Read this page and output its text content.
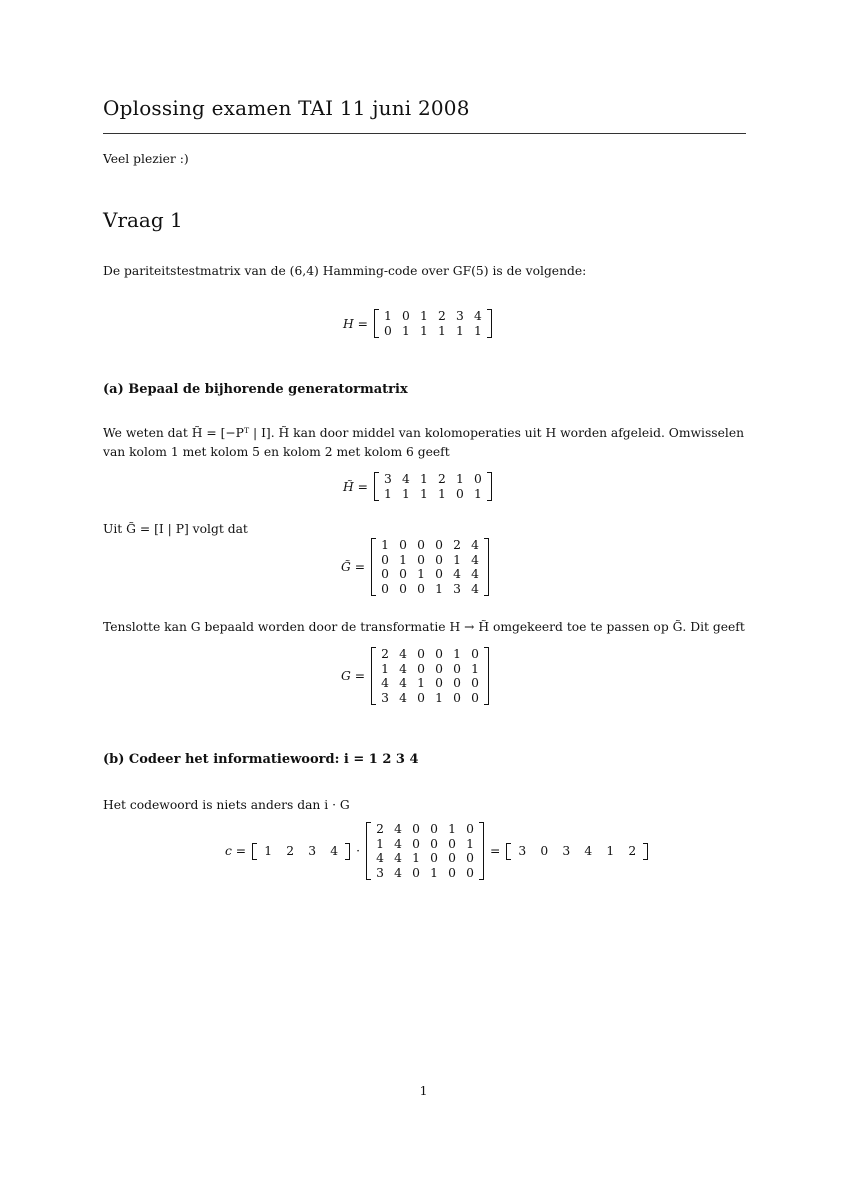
Oplossing examen TAI 11 juni 2008
Veel plezier :)
Vraag 1
De pariteitstestmatrix van de (6,4) Hamming-code over GF(5) is de volgende:
H =
1 0 1 2 3 4
0 1 1 1 1 1
(a) Bepaal de bijhorende generatormatrix
We weten dat H̃ = [−Pᵀ | I]. H̃ kan door middel van kolomoperaties uit H worden afgeleid. Omwisselen van kolom 1 met kolom 5 en kolom 2 met kolom 6 geeft
H̃ =
3 4 1 2 1 0
1 1 1 1 0 1
Uit G̃ = [I | P] volgt dat
G̃ =
1 0 0 0 2 4
0 1 0 0 1 4
0 0 1 0 4 4
0 0 0 1 3 4
Tenslotte kan G bepaald worden door de transformatie H → H̃ omgekeerd toe te passen op G̃. Dit geeft
G =
2 4 0 0 1 0
1 4 0 0 0 1
4 4 1 0 0 0
3 4 0 1 0 0
(b) Codeer het informatiewoord: i = 1 2 3 4
Het codewoord is niets anders dan i · G
c =	1	2	3	4	·
2 4 0 0 1 0
1 4 0 0 0 1
4 4 1 0 0 0
3 4 0 1 0 0
=	3	0	3	4	1	2
1
